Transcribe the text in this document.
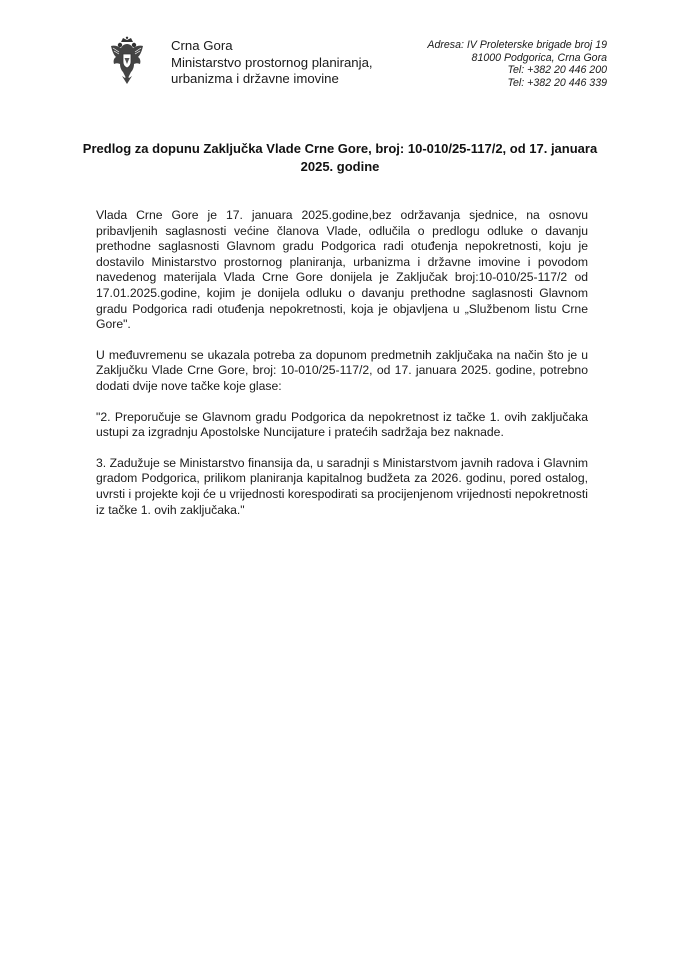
Crna Gora
Ministarstvo prostornog planiranja,
urbanizma i državne imovine
Adresa: IV Proleterske brigade broj 19
81000 Podgorica, Crna Gora
Tel: +382 20 446 200
Tel: +382 20 446 339
Predlog za dopunu Zaključka Vlade Crne Gore, broj: 10-010/25-117/2, od 17. januara 2025. godine

Vlada Crne Gore je 17. januara 2025.godine,bez održavanja sjednice, na osnovu pribavljenih saglasnosti većine članova Vlade, odlučila o predlogu odluke o davanju prethodne saglasnosti Glavnom gradu Podgorica radi otuđenja nepokretnosti, koju je dostavilo Ministarstvo prostornog planiranja, urbanizma i državne imovine i povodom navedenog materijala Vlada Crne Gore donijela je Zaključak broj:10-010/25-117/2 od 17.01.2025.godine, kojim je donijela odluku o davanju prethodne saglasnosti Glavnom gradu Podgorica radi otuđenja nepokretnosti, koja je objavljena u „Službenom listu Crne Gore".

U međuvremenu se ukazala potreba za dopunom predmetnih zaključaka na način što je u Zaključku Vlade Crne Gore, broj: 10-010/25-117/2, od 17. januara 2025. godine, potrebno dodati dvije nove tačke koje glase:

"2. Preporučuje se Glavnom gradu Podgorica da nepokretnost iz tačke 1. ovih zaključaka ustupi za izgradnju Apostolske Nuncijature i pratećih sadržaja bez naknade.

3. Zadužuje se Ministarstvo finansija da, u saradnji s Ministarstvom javnih radova i Glavnim gradom Podgorica, prilikom planiranja kapitalnog budžeta za 2026. godinu, pored ostalog, uvrsti i projekte koji će u vrijednosti korespodirati sa procijenjenom vrijednosti nepokretnosti iz tačke 1. ovih zaključaka."
